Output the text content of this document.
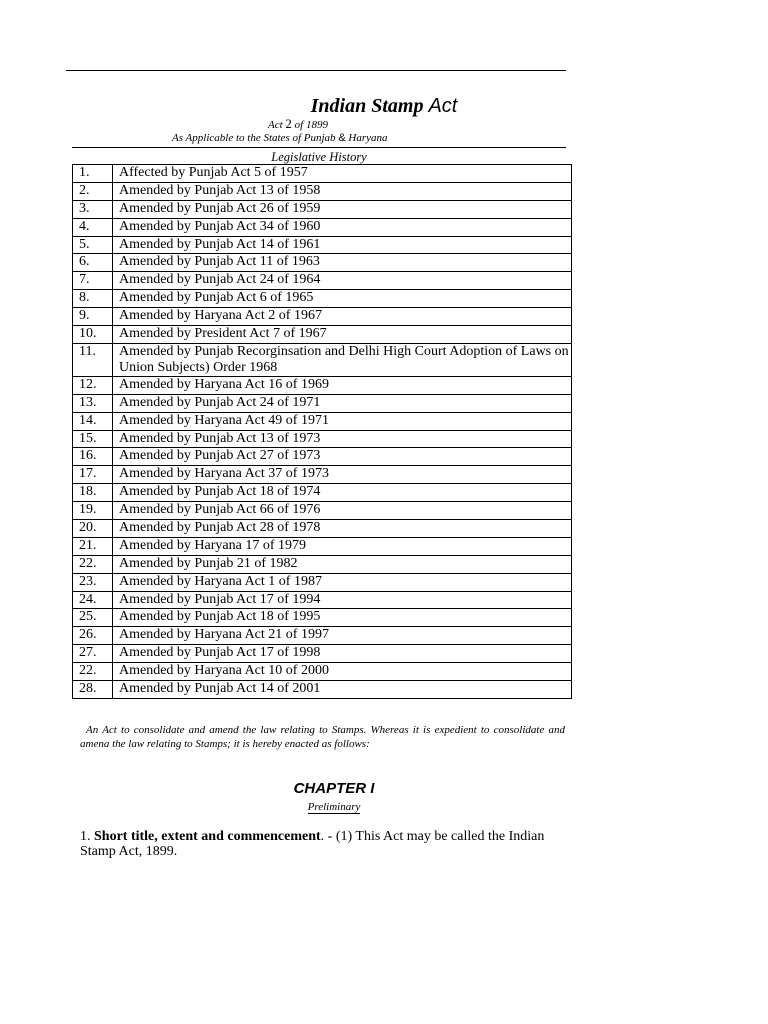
Indian Stamp Act
Act 2 of 1899
As Applicable to the States of Punjab & Haryana
Legislative History
1.	Affected by Punjab Act 5 of 1957
2.	Amended by Punjab Act 13 of 1958
3.	Amended by Punjab Act 26 of 1959
4.	Amended by Punjab Act 34 of 1960
5.	Amended by Punjab Act 14 of 1961
6.	Amended by Punjab Act 11 of 1963
7.	Amended by Punjab Act 24 of 1964
8.	Amended by Punjab Act 6 of 1965
9.	Amended by Haryana Act 2 of 1967
10.	Amended by President Act 7 of 1967
11.	Amended by Punjab Recorginsation and Delhi High Court Adoption of Laws on Union Subjects) Order 1968
12.	Amended by Haryana Act 16 of 1969
13.	Amended by Punjab Act 24 of 1971
14.	Amended by Haryana Act 49 of 1971
15.	Amended by Punjab Act 13 of 1973
16.	Amended by Punjab Act 27 of 1973
17.	Amended by Haryana Act 37 of 1973
18.	Amended by Punjab Act 18 of 1974
19.	Amended by Punjab Act 66 of 1976
20.	Amended by Punjab Act 28 of 1978
21.	Amended by Haryana 17 of 1979
22.	Amended by Punjab 21 of 1982
23.	Amended by Haryana Act 1 of 1987
24.	Amended by Punjab Act 17 of 1994
25.	Amended by Punjab Act 18 of 1995
26.	Amended by Haryana Act 21 of 1997
27.	Amended by Punjab Act 17 of 1998
22.	Amended by Haryana Act 10 of 2000
28.	Amended by Punjab Act 14 of 2001
An Act to consolidate and amend the law relating to Stamps. Whereas it is expedient to consolidate and amena the law relating to Stamps; it is hereby enacted as follows:
CHAPTER I
Preliminary
1. Short title, extent and commencement. - (1) This Act may be called the Indian Stamp Act, 1899.
